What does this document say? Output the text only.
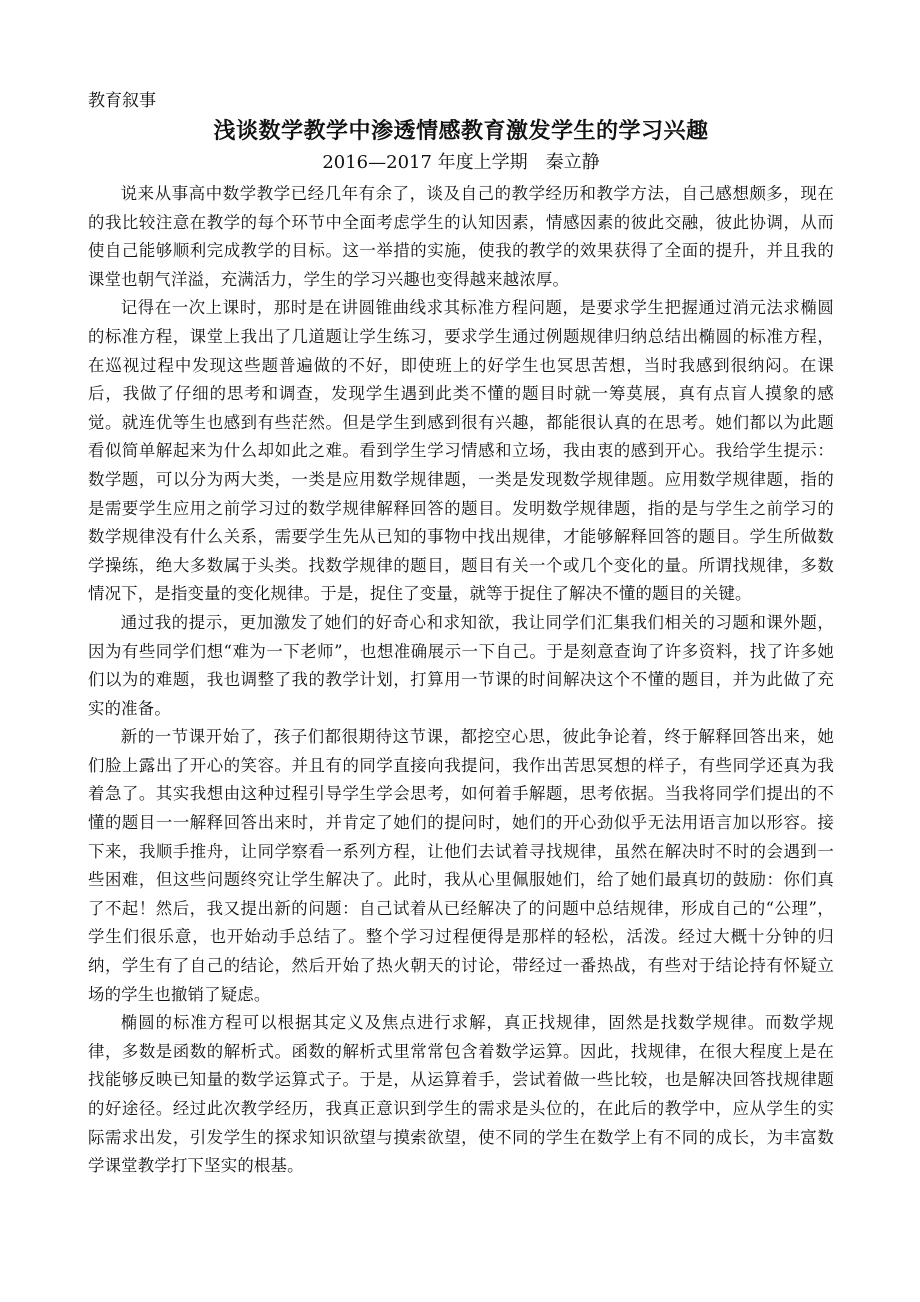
教育叙事

浅谈数学教学中渗透情感教育激发学生的学习兴趣

2016—2017 年度上学期　秦立静

说来从事高中数学教学已经几年有余了，谈及自己的教学经历和教学方法，自己感想颇多，现在的我比较注意在教学的每个环节中全面考虑学生的认知因素，情感因素的彼此交融，彼此协调，从而使自己能够顺利完成教学的目标。这一举措的实施，使我的教学的效果获得了全面的提升，并且我的课堂也朝气洋溢，充满活力，学生的学习兴趣也变得越来越浓厚。

记得在一次上课时，那时是在讲圆锥曲线求其标准方程问题，是要求学生把握通过消元法求椭圆的标准方程，课堂上我出了几道题让学生练习，要求学生通过例题规律归纳总结出椭圆的标准方程，在巡视过程中发现这些题普遍做的不好，即使班上的好学生也冥思苦想，当时我感到很纳闷。在课后，我做了仔细的思考和调查，发现学生遇到此类不懂的题目时就一筹莫展，真有点盲人摸象的感觉。就连优等生也感到有些茫然。但是学生到感到很有兴趣，都能很认真的在思考。她们都以为此题看似简单解起来为什么却如此之难。看到学生学习情感和立场，我由衷的感到开心。我给学生提示：数学题，可以分为两大类，一类是应用数学规律题，一类是发现数学规律题。应用数学规律题，指的是需要学生应用之前学习过的数学规律解释回答的题目。发明数学规律题，指的是与学生之前学习的数学规律没有什么关系，需要学生先从已知的事物中找出规律，才能够解释回答的题目。学生所做数学操练，绝大多数属于头类。找数学规律的题目，题目有关一个或几个变化的量。所谓找规律，多数情况下，是指变量的变化规律。于是，捉住了变量，就等于捉住了解决不懂的题目的关键。

通过我的提示，更加激发了她们的好奇心和求知欲，我让同学们汇集我们相关的习题和课外题，因为有些同学们想“难为一下老师”，也想准确展示一下自己。于是刻意查询了许多资料，找了许多她们以为的难题，我也调整了我的教学计划，打算用一节课的时间解决这个不懂的题目，并为此做了充实的准备。

新的一节课开始了，孩子们都很期待这节课，都挖空心思，彼此争论着，终于解释回答出来，她们脸上露出了开心的笑容。并且有的同学直接向我提问，我作出苦思冥想的样子，有些同学还真为我着急了。其实我想由这种过程引导学生学会思考，如何着手解题，思考依据。当我将同学们提出的不懂的题目一一解释回答出来时，并肯定了她们的提问时，她们的开心劲似乎无法用语言加以形容。接下来，我顺手推舟，让同学察看一系列方程，让他们去试着寻找规律，虽然在解决时不时的会遇到一些困难，但这些问题终究让学生解决了。此时，我从心里佩服她们，给了她们最真切的鼓励：你们真了不起！然后，我又提出新的问题：自己试着从已经解决了的问题中总结规律，形成自己的“公理”，学生们很乐意，也开始动手总结了。整个学习过程便得是那样的轻松，活泼。经过大概十分钟的归纳，学生有了自己的结论，然后开始了热火朝天的讨论，带经过一番热战，有些对于结论持有怀疑立场的学生也撤销了疑虑。

椭圆的标准方程可以根据其定义及焦点进行求解，真正找规律，固然是找数学规律。而数学规律，多数是函数的解析式。函数的解析式里常常包含着数学运算。因此，找规律，在很大程度上是在找能够反映已知量的数学运算式子。于是，从运算着手，尝试着做一些比较，也是解决回答找规律题的好途径。经过此次教学经历，我真正意识到学生的需求是头位的，在此后的教学中，应从学生的实际需求出发，引发学生的探求知识欲望与摸索欲望，使不同的学生在数学上有不同的成长，为丰富数学课堂教学打下坚实的根基。
